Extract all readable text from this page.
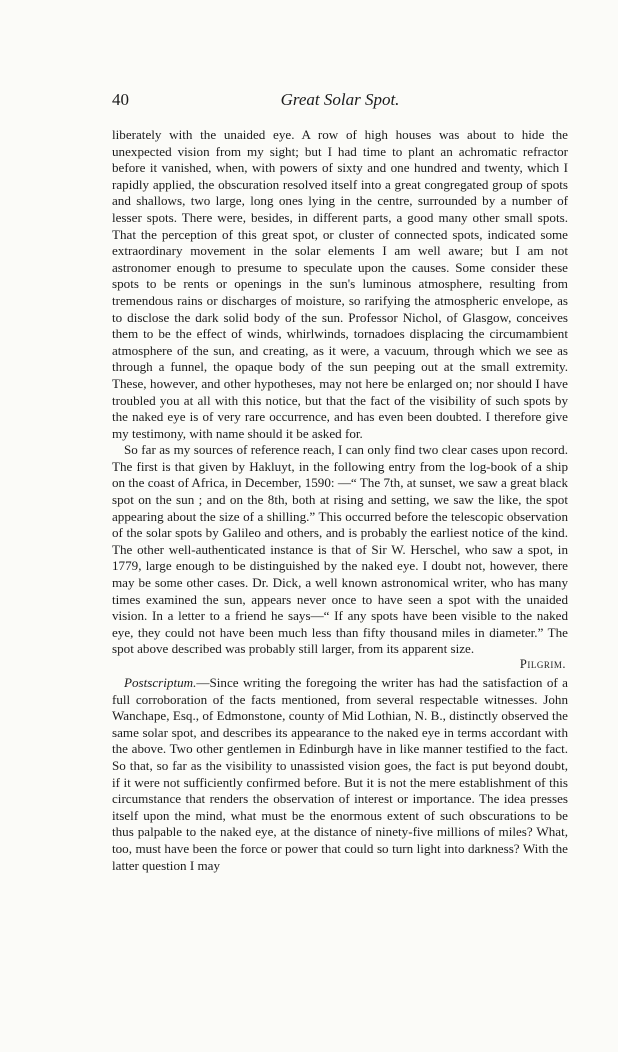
40	Great Solar Spot.

liberately with the unaided eye. A row of high houses was about to hide the unexpected vision from my sight; but I had time to plant an achromatic refractor before it vanished, when, with powers of sixty and one hundred and twenty, which I rapidly applied, the obscuration resolved itself into a great congregated group of spots and shallows, two large, long ones lying in the centre, surrounded by a number of lesser spots. There were, besides, in different parts, a good many other small spots. That the perception of this great spot, or cluster of connected spots, indicated some extraordinary movement in the solar elements I am well aware; but I am not astronomer enough to presume to speculate upon the causes. Some consider these spots to be rents or openings in the sun's luminous atmosphere, resulting from tremendous rains or discharges of moisture, so rarifying the atmospheric envelope, as to disclose the dark solid body of the sun. Professor Nichol, of Glasgow, conceives them to be the effect of winds, whirlwinds, tornadoes displacing the circumambient atmosphere of the sun, and creating, as it were, a vacuum, through which we see as through a funnel, the opaque body of the sun peeping out at the small extremity. These, however, and other hypotheses, may not here be enlarged on; nor should I have troubled you at all with this notice, but that the fact of the visibility of such spots by the naked eye is of very rare occurrence, and has even been doubted. I therefore give my testimony, with name should it be asked for.

So far as my sources of reference reach, I can only find two clear cases upon record. The first is that given by Hakluyt, in the following entry from the log-book of a ship on the coast of Africa, in December, 1590: —“ The 7th, at sunset, we saw a great black spot on the sun ; and on the 8th, both at rising and setting, we saw the like, the spot appearing about the size of a shilling.” This occurred before the telescopic observation of the solar spots by Galileo and others, and is probably the earliest notice of the kind. The other well-authenticated instance is that of Sir W. Herschel, who saw a spot, in 1779, large enough to be distinguished by the naked eye. I doubt not, however, there may be some other cases. Dr. Dick, a well known astronomical writer, who has many times examined the sun, appears never once to have seen a spot with the unaided vision. In a letter to a friend he says—“ If any spots have been visible to the naked eye, they could not have been much less than fifty thousand miles in diameter.” The spot above described was probably still larger, from its apparent size.

Pilgrim.

Postscriptum.—Since writing the foregoing the writer has had the satisfaction of a full corroboration of the facts mentioned, from several respectable witnesses. John Wanchape, Esq., of Edmonstone, county of Mid Lothian, N. B., distinctly observed the same solar spot, and describes its appearance to the naked eye in terms accordant with the above. Two other gentlemen in Edinburgh have in like manner testified to the fact. So that, so far as the visibility to unassisted vision goes, the fact is put beyond doubt, if it were not sufficiently confirmed before. But it is not the mere establishment of this circumstance that renders the observation of interest or importance. The idea presses itself upon the mind, what must be the enormous extent of such obscurations to be thus palpable to the naked eye, at the distance of ninety-five millions of miles? What, too, must have been the force or power that could so turn light into darkness? With the latter question I may
